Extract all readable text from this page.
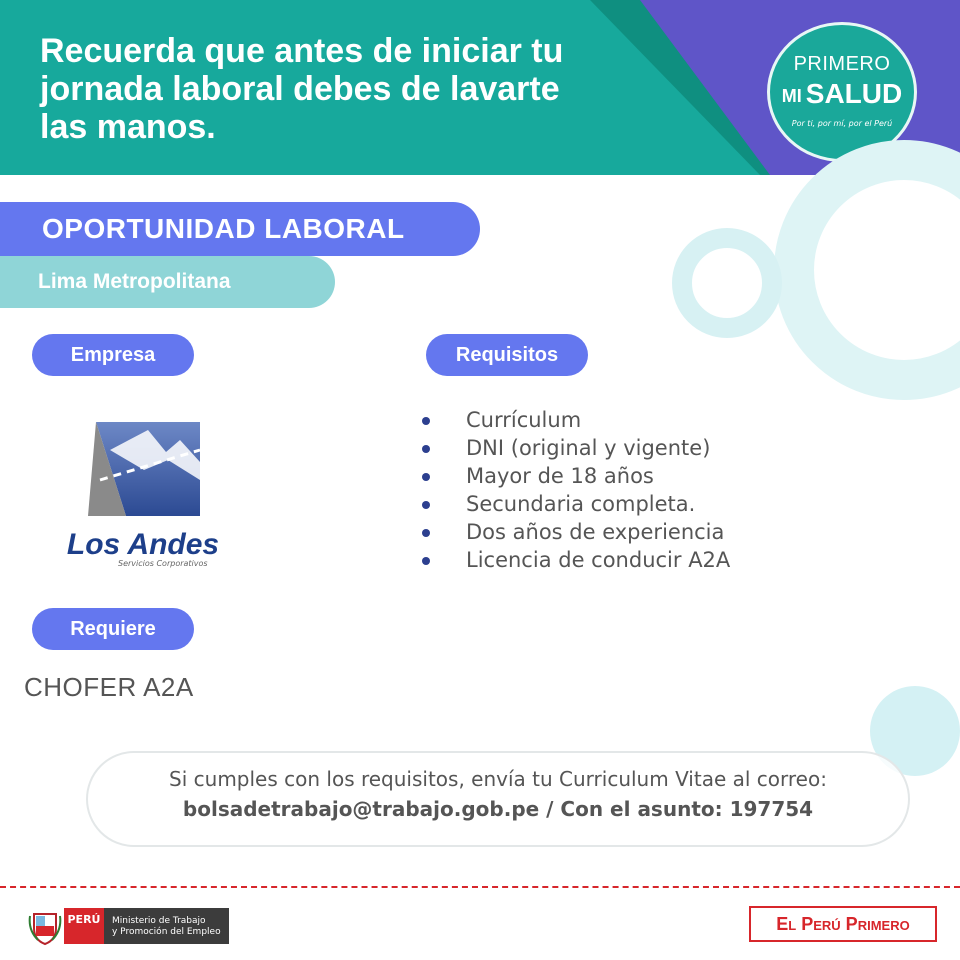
Recuerda que antes de iniciar tu
jornada laboral debes de lavarte
las manos.
PRIMERO
MI SALUD
Por ti, por mí, por el Perú
OPORTUNIDAD LABORAL
Lima Metropolitana
Empresa	Requisitos
Requiere
Los Andes
Servicios Corporativos
Currículum
DNI (original y vigente)
Mayor de 18 años
Secundaria completa.
Dos años de experiencia
Licencia de conducir A2A
CHOFER A2A
Si cumples con los requisitos, envía tu Curriculum Vitae al correo:
bolsadetrabajo@trabajo.gob.pe / Con el asunto: 197754
PERÚ	Ministerio de Trabajo
y Promoción del Empleo	El Perú Primero
